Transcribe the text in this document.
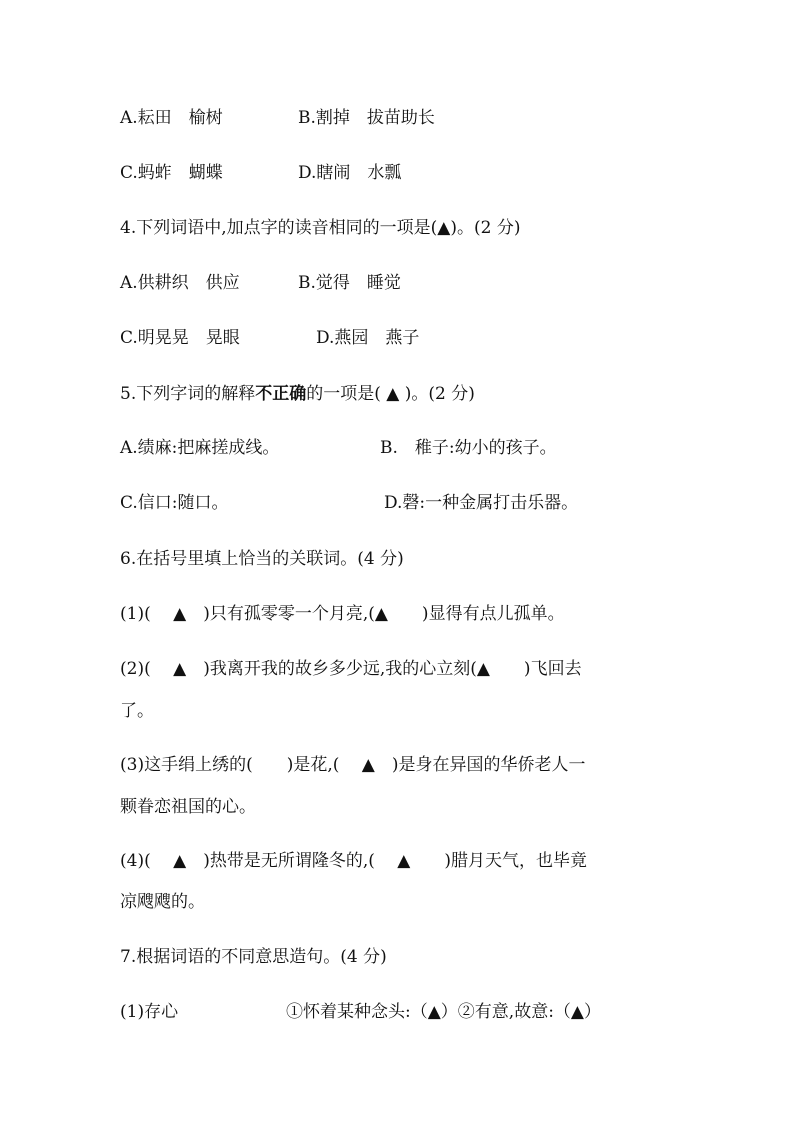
A.耘田　榆树	B.割掉　拔苗助长
C.蚂蚱　蝴蝶	D.瞎闹　水瓢
4.下列词语中,加点字的读音相同的一项是(▲)。(2 分)
A.供耕织　供应	B.觉得　睡觉
C.明晃晃　晃眼	D.燕园　燕子
5.下列字词的解释不正确的一项是( ▲ )。(2 分)
A.绩麻:把麻搓成线。	B.　稚子:幼小的孩子。
C.信口:随口。	D.磬:一种金属打击乐器。
6.在括号里填上恰当的关联词。(4 分)
(1)(　 ▲　)只有孤零零一个月亮,(▲　　)显得有点儿孤单。
(2)(　 ▲　)我离开我的故乡多少远,我的心立刻(▲　　)飞回去
了。
(3)这手绢上绣的(　　)是花,(　 ▲　)是身在异国的华侨老人一
颗眷恋祖国的心。
(4)(　 ▲　)热带是无所谓隆冬的,(　 ▲　　)腊月天气，也毕竟
凉飕飕的。
7.根据词语的不同意思造句。(4 分)
(1)存心	①怀着某种念头:（▲）②有意,故意:（▲）
